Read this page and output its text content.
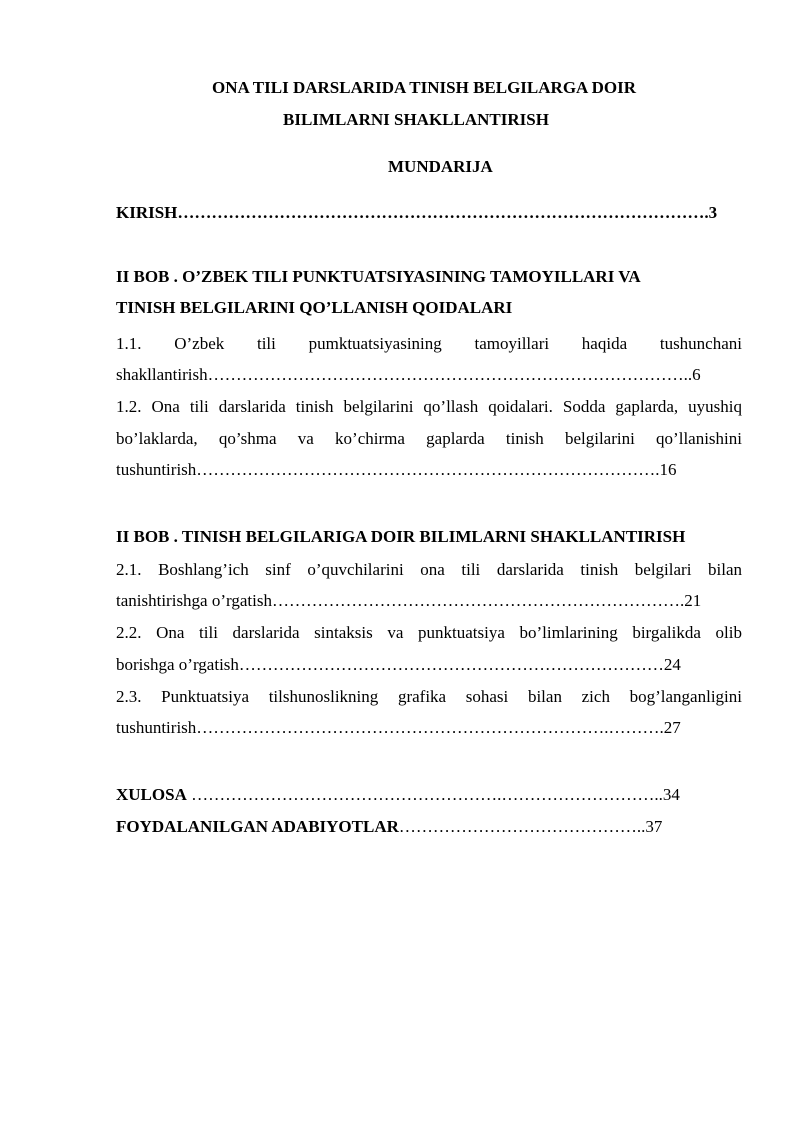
ONA TILI DARSLARIDA TINISH BELGILARGA DOIR
BILIMLARNI SHAKLLANTIRISH
MUNDARIJA
KIRISH………………………………………………………………………………….3
II BOB . O’ZBEK TILI PUNKTUATSIYASINING TAMOYILLARI VA
TINISH BELGILARINI QO’LLANISH QOIDALARI
1.1. O’zbek tili pumktuatsiyasining tamoyillari haqida tushunchani
shakllantirish…………………………………………………………………………..6
1.2. Ona tili darslarida tinish belgilarini qo’llash qoidalari. Sodda gaplarda, uyushiq
bo’laklarda, qo’shma va ko’chirma gaplarda tinish belgilarini qo’llanishini
tushuntirish……………………………………………………………………….16
II BOB . TINISH BELGILARIGA DOIR BILIMLARNI SHAKLLANTIRISH
2.1. Boshlang’ich sinf o’quvchilarini ona tili darslarida tinish belgilari bilan
tanishtirishga o’rgatish……………………………………………………………….21
2.2. Ona tili darslarida sintaksis va punktuatsiya bo’limlarining birgalikda olib
borishga o’rgatish…………………………………………………………………24
2.3. Punktuatsiya tilshunoslikning grafika sohasi bilan zich bog’langanligini
tushuntirish……………………………………………………………….……….27
XULOSA ……………………………………………….………………………..34
FOYDALANILGAN ADABIYOTLAR……………………………………..37
